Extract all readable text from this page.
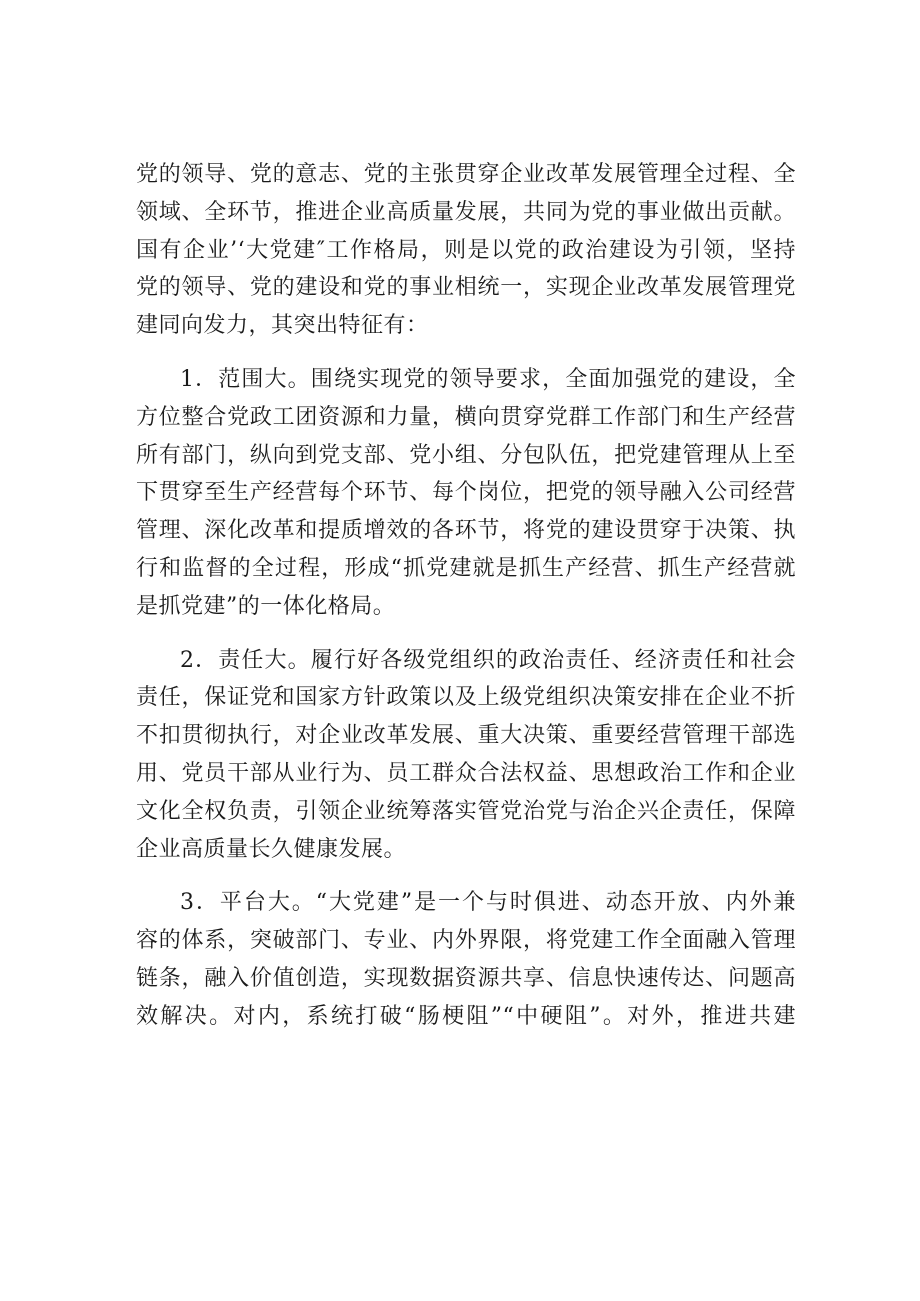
党的领导、党的意志、党的主张贯穿企业改革发展管理全过程、全
领域、全环节，推进企业高质量发展，共同为党的事业做出贡献。
国有企业’‘大党建″工作格局，则是以党的政治建设为引领，坚持
党的领导、党的建设和党的事业相统一，实现企业改革发展管理党
建同向发力，其突出特征有：

1．范围大。围绕实现党的领导要求，全面加强党的建设，全
方位整合党政工团资源和力量，横向贯穿党群工作部门和生产经营
所有部门，纵向到党支部、党小组、分包队伍，把党建管理从上至
下贯穿至生产经营每个环节、每个岗位，把党的领导融入公司经营
管理、深化改革和提质增效的各环节，将党的建设贯穿于决策、执
行和监督的全过程，形成“抓党建就是抓生产经营、抓生产经营就
是抓党建”的一体化格局。

2．责任大。履行好各级党组织的政治责任、经济责任和社会
责任，保证党和国家方针政策以及上级党组织决策安排在企业不折
不扣贯彻执行，对企业改革发展、重大决策、重要经营管理干部选
用、党员干部从业行为、员工群众合法权益、思想政治工作和企业
文化全权负责，引领企业统筹落实管党治党与治企兴企责任，保障
企业高质量长久健康发展。

3．平台大。“大党建”是一个与时俱进、动态开放、内外兼
容的体系，突破部门、专业、内外界限，将党建工作全面融入管理
链条，融入价值创造，实现数据资源共享、信息快速传达、问题高
效解决。对内，系统打破“肠梗阻”“中硬阻”。对外，推进共建
